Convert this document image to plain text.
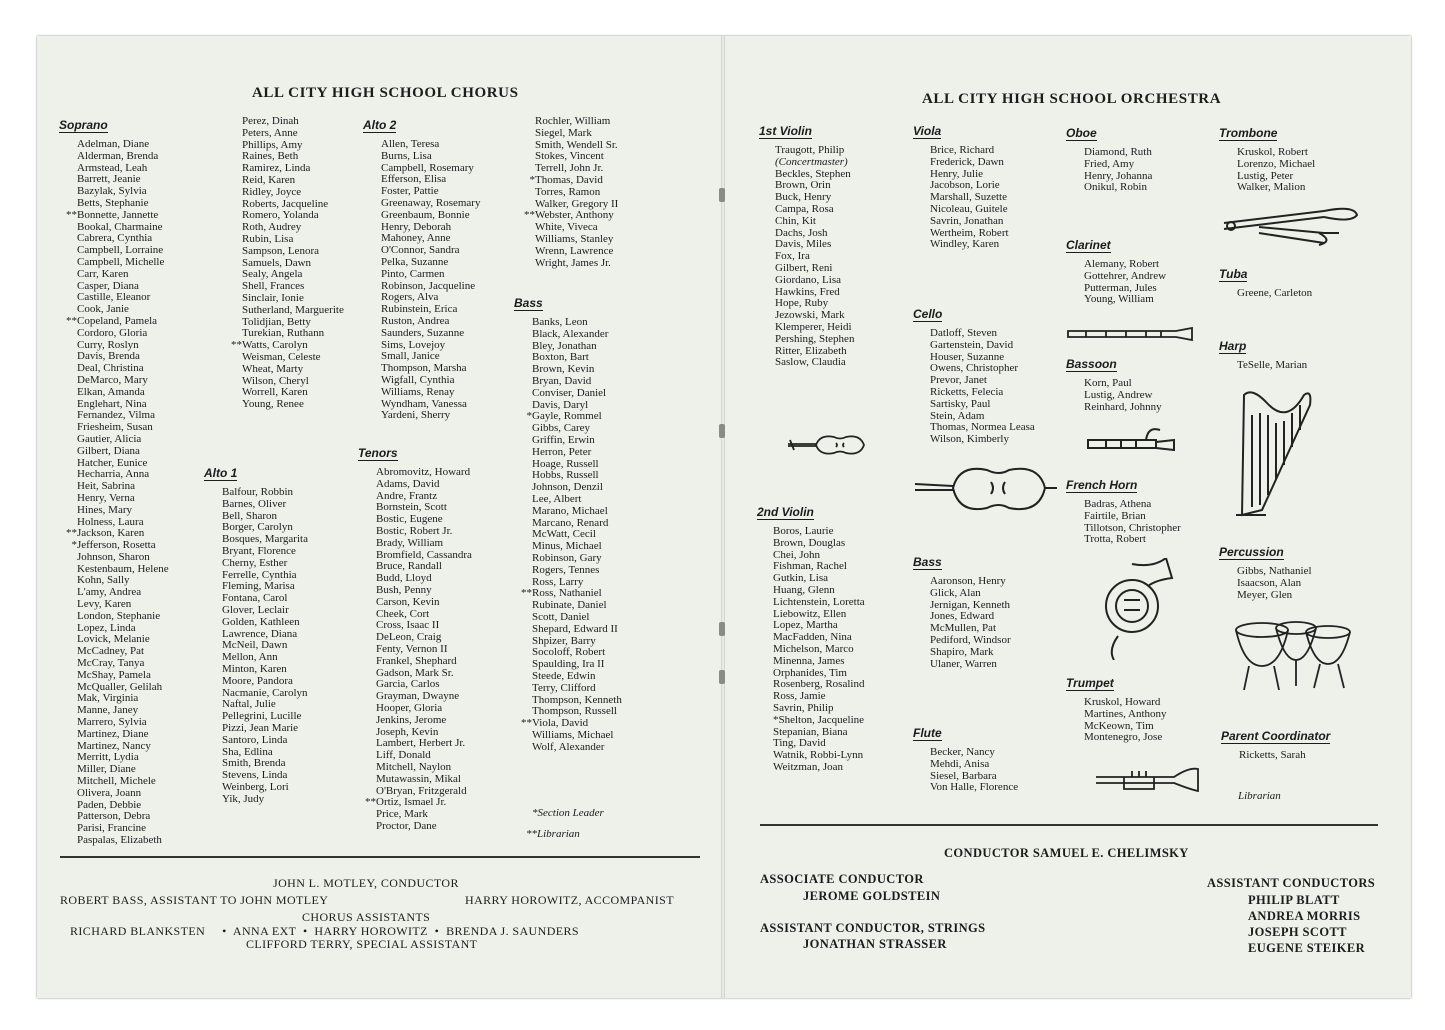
ALL CITY HIGH SCHOOL CHORUS
Soprano
Adelman, Diane
Alderman, Brenda
Armstead, Leah
Barrett, Jeanie
Bazylak, Sylvia
Betts, Stephanie
**Bonnette, Jannette
Bookal, Charmaine
Cabrera, Cynthia
Campbell, Lorraine
Campbell, Michelle
Carr, Karen
Casper, Diana
Castille, Eleanor
Cook, Janie
**Copeland, Pamela
Cordoro, Gloria
Curry, Roslyn
Davis, Brenda
Deal, Christina
DeMarco, Mary
Elkan, Amanda
Englehart, Nina
Fernandez, Vilma
Friesheim, Susan
Gautier, Alicia
Gilbert, Diana
Hatcher, Eunice
Hecharria, Anna
Heit, Sabrina
Henry, Verna
Hines, Mary
Holness, Laura
**Jackson, Karen
*Jefferson, Rosetta
Johnson, Sharon
Kestenbaum, Helene
Kohn, Sally
L'amy, Andrea
Levy, Karen
London, Stephanie
Lopez, Linda
Lovick, Melanie
McCadney, Pat
McCray, Tanya
McShay, Pamela
McQualler, Gelilah
Mak, Virginia
Manne, Janey
Marrero, Sylvia
Martinez, Diane
Martinez, Nancy
Merritt, Lydia
Miller, Diane
Mitchell, Michele
Olivera, Joann
Paden, Debbie
Patterson, Debra
Parisi, Francine
Paspalas, Elizabeth
Perez, Dinah
Peters, Anne
Phillips, Amy
Raines, Beth
Ramirez, Linda
Reid, Karen
Ridley, Joyce
Roberts, Jacqueline
Romero, Yolanda
Roth, Audrey
Rubin, Lisa
Sampson, Lenora
Samuels, Dawn
Sealy, Angela
Shell, Frances
Sinclair, Ionie
Sutherland, Marguerite
Tolidjian, Betty
Turekian, Ruthann
**Watts, Carolyn
Weisman, Celeste
Wheat, Marty
Wilson, Cheryl
Worrell, Karen
Young, Renee
Alto 1
Balfour, Robbin
Barnes, Oliver
Bell, Sharon
Borger, Carolyn
Bosques, Margarita
Bryant, Florence
Cherny, Esther
Ferrelle, Cynthia
Fleming, Marisa
Fontana, Carol
Glover, Leclair
Golden, Kathleen
Lawrence, Diana
McNeil, Dawn
Mellon, Ann
Minton, Karen
Moore, Pandora
Nacmanie, Carolyn
Naftal, Julie
Pellegrini, Lucille
Pizzi, Jean Marie
Santoro, Linda
Sha, Edlina
Smith, Brenda
Stevens, Linda
Weinberg, Lori
Yik, Judy
Alto 2
Allen, Teresa
Burns, Lisa
Campbell, Rosemary
Efferson, Elisa
Foster, Pattie
Greenaway, Rosemary
Greenbaum, Bonnie
Henry, Deborah
Mahoney, Anne
O'Connor, Sandra
Pelka, Suzanne
Pinto, Carmen
Robinson, Jacqueline
Rogers, Alva
Rubinstein, Erica
Ruston, Andrea
Saunders, Suzanne
Sims, Lovejoy
Small, Janice
Thompson, Marsha
Wigfall, Cynthia
Williams, Renay
Wyndham, Vanessa
Yardeni, Sherry
Tenors
Abromovitz, Howard
Adams, David
Andre, Frantz
Bornstein, Scott
Bostic, Eugene
Bostic, Robert Jr.
Brady, William
Bromfield, Cassandra
Bruce, Randall
Budd, Lloyd
Bush, Penny
Carson, Kevin
Cheek, Cort
Cross, Isaac II
DeLeon, Craig
Fenty, Vernon II
Frankel, Shephard
Gadson, Mark Sr.
Garcia, Carlos
Grayman, Dwayne
Hooper, Gloria
Jenkins, Jerome
Joseph, Kevin
Lambert, Herbert Jr.
Liff, Donald
Mitchell, Naylon
Mutawassin, Mikal
O'Bryan, Fritzgerald
**Ortiz, Ismael Jr.
Price, Mark
Proctor, Dane
Rochler, William
Siegel, Mark
Smith, Wendell Sr.
Stokes, Vincent
Terrell, John Jr.
*Thomas, David
Torres, Ramon
Walker, Gregory II
**Webster, Anthony
White, Viveca
Williams, Stanley
Wrenn, Lawrence
Wright, James Jr.
Bass
Banks, Leon
Black, Alexander
Bley, Jonathan
Boxton, Bart
Brown, Kevin
Bryan, David
Conviser, Daniel
Davis, Daryl
*Gayle, Rommel
Gibbs, Carey
Griffin, Erwin
Herron, Peter
Hoage, Russell
Hobbs, Russell
Johnson, Denzil
Lee, Albert
Marano, Michael
Marcano, Renard
McWatt, Cecil
Minus, Michael
Robinson, Gary
Rogers, Tennes
Ross, Larry
**Ross, Nathaniel
Rubinate, Daniel
Scott, Daniel
Shepard, Edward II
Shpizer, Barry
Socoloff, Robert
Spaulding, Ira II
Steede, Edwin
Terry, Clifford
Thompson, Kenneth
Thompson, Russell
**Viola, David
Williams, Michael
Wolf, Alexander
*Section Leader
**Librarian
JOHN L. MOTLEY, CONDUCTOR
ROBERT BASS, ASSISTANT TO JOHN MOTLEY	HARRY HOROWITZ, ACCOMPANIST
CHORUS ASSISTANTS
RICHARD BLANKSTEN     •  ANNA EXT  •  HARRY HOROWITZ  •  BRENDA J. SAUNDERS
CLIFFORD TERRY, SPECIAL ASSISTANT
ALL CITY HIGH SCHOOL ORCHESTRA
1st Violin
Traugott, Philip
(Concertmaster)
Beckles, Stephen
Brown, Orin
Buck, Henry
Campa, Rosa
Chin, Kit
Dachs, Josh
Davis, Miles
Fox, Ira
Gilbert, Reni
Giordano, Lisa
Hawkins, Fred
Hope, Ruby
Jezowski, Mark
Klemperer, Heidi
Pershing, Stephen
Ritter, Elizabeth
Saslow, Claudia
2nd Violin
Boros, Laurie
Brown, Douglas
Chei, John
Fishman, Rachel
Gutkin, Lisa
Huang, Glenn
Lichtenstein, Loretta
Liebowitz, Ellen
Lopez, Martha
MacFadden, Nina
Michelson, Marco
Minenna, James
Orphanides, Tim
Rosenberg, Rosalind
Ross, Jamie
Savrin, Philip
*Shelton, Jacqueline
Stepanian, Biana
Ting, David
Watnik, Robbi-Lynn
Weitzman, Joan
Viola
Brice, Richard
Frederick, Dawn
Henry, Julie
Jacobson, Lorie
Marshall, Suzette
Nicoleau, Guitele
Savrin, Jonathan
Wertheim, Robert
Windley, Karen
Cello
Datloff, Steven
Gartenstein, David
Houser, Suzanne
Owens, Christopher
Prevor, Janet
Ricketts, Felecia
Sartisky, Paul
Stein, Adam
Thomas, Normea Leasa
Wilson, Kimberly
Bass
Aaronson, Henry
Glick, Alan
Jernigan, Kenneth
Jones, Edward
McMullen, Pat
Pediford, Windsor
Shapiro, Mark
Ulaner, Warren
Flute
Becker, Nancy
Mehdi, Anisa
Siesel, Barbara
Von Halle, Florence
Oboe
Diamond, Ruth
Fried, Amy
Henry, Johanna
Onikul, Robin
Clarinet
Alemany, Robert
Gottehrer, Andrew
Putterman, Jules
Young, William
Bassoon
Korn, Paul
Lustig, Andrew
Reinhard, Johnny
French Horn
Badras, Athena
Fairtile, Brian
Tillotson, Christopher
Trotta, Robert
Trumpet
Kruskol, Howard
Martines, Anthony
McKeown, Tim
Montenegro, Jose
Trombone
Kruskol, Robert
Lorenzo, Michael
Lustig, Peter
Walker, Malion
Tuba
Greene, Carleton
Harp
TeSelle, Marian
Percussion
Gibbs, Nathaniel
Isaacson, Alan
Meyer, Glen
Parent Coordinator
Ricketts, Sarah
Librarian
CONDUCTOR SAMUEL E. CHELIMSKY
ASSOCIATE CONDUCTOR
JEROME GOLDSTEIN
ASSISTANT CONDUCTOR, STRINGS
JONATHAN STRASSER
ASSISTANT CONDUCTORS
PHILIP BLATT
ANDREA MORRIS
JOSEPH SCOTT
EUGENE STEIKER
